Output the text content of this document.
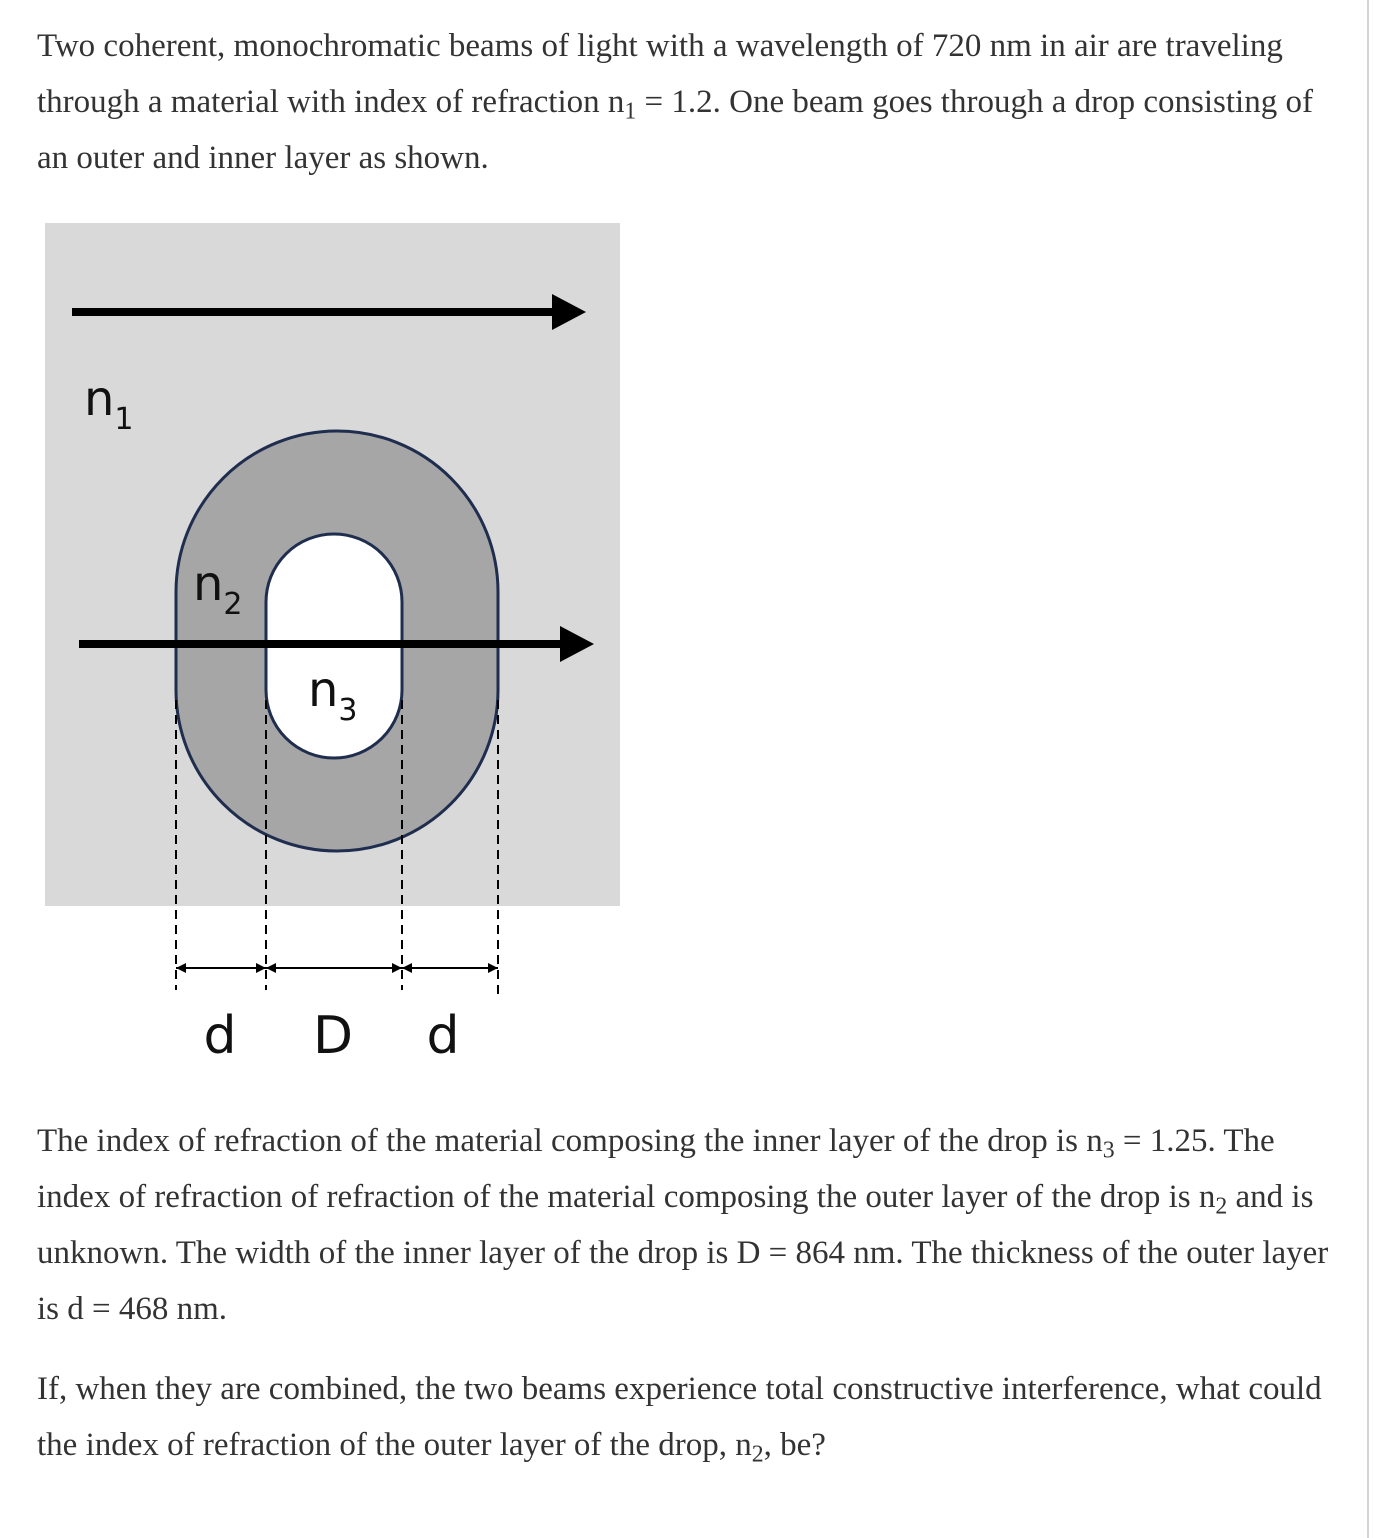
Two coherent, monochromatic beams of light with a wavelength of 720 nm in air are traveling through a material with index of refraction $n_1 = 1.2$. One beam goes through a drop consisting of an outer and inner layer as shown.

$n_1$
$n_2$
$n_3$
d D d

The index of refraction of the material composing the inner layer of the drop is $n_3 = 1.25$. The index of refraction of refraction of the material composing the outer layer of the drop is $n_2$ and is unknown. The width of the inner layer of the drop is D = 864 nm. The thickness of the outer layer is d = 468 nm.

If, when they are combined, the two beams experience total constructive interference, what could the index of refraction of the outer layer of the drop, $n_2$, be?
